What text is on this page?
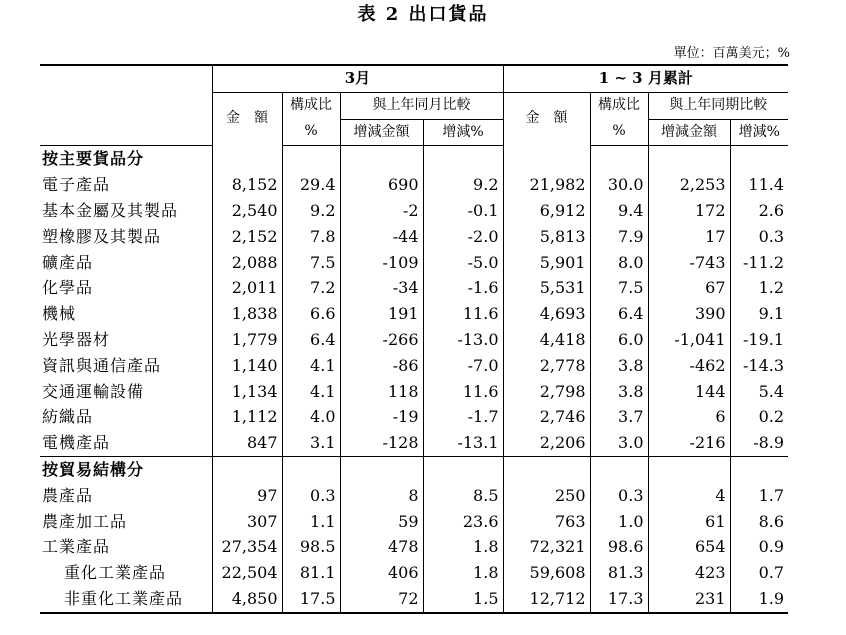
表 2 出口貨品
單位：百萬美元；%
	3月				1 ~ 3 月累計			
	金　額	構成比	與上年同月比較		金　額	構成比	與上年同期比較	
		%	增減金額	增減%		%	增減金額	增減%
按主要貨品分								
電子產品	8,152	29.4	690	9.2	21,982	30.0	2,253	11.4
基本金屬及其製品	2,540	9.2	-2	-0.1	6,912	9.4	172	2.6
塑橡膠及其製品	2,152	7.8	-44	-2.0	5,813	7.9	17	0.3
礦產品	2,088	7.5	-109	-5.0	5,901	8.0	-743	-11.2
化學品	2,011	7.2	-34	-1.6	5,531	7.5	67	1.2
機械	1,838	6.6	191	11.6	4,693	6.4	390	9.1
光學器材	1,779	6.4	-266	-13.0	4,418	6.0	-1,041	-19.1
資訊與通信產品	1,140	4.1	-86	-7.0	2,778	3.8	-462	-14.3
交通運輸設備	1,134	4.1	118	11.6	2,798	3.8	144	5.4
紡織品	1,112	4.0	-19	-1.7	2,746	3.7	6	0.2
電機產品	847	3.1	-128	-13.1	2,206	3.0	-216	-8.9
按貿易結構分								
農產品	97	0.3	8	8.5	250	0.3	4	1.7
農產加工品	307	1.1	59	23.6	763	1.0	61	8.6
工業產品	27,354	98.5	478	1.8	72,321	98.6	654	0.9
重化工業產品	22,504	81.1	406	1.8	59,608	81.3	423	0.7
非重化工業產品	4,850	17.5	72	1.5	12,712	17.3	231	1.9
